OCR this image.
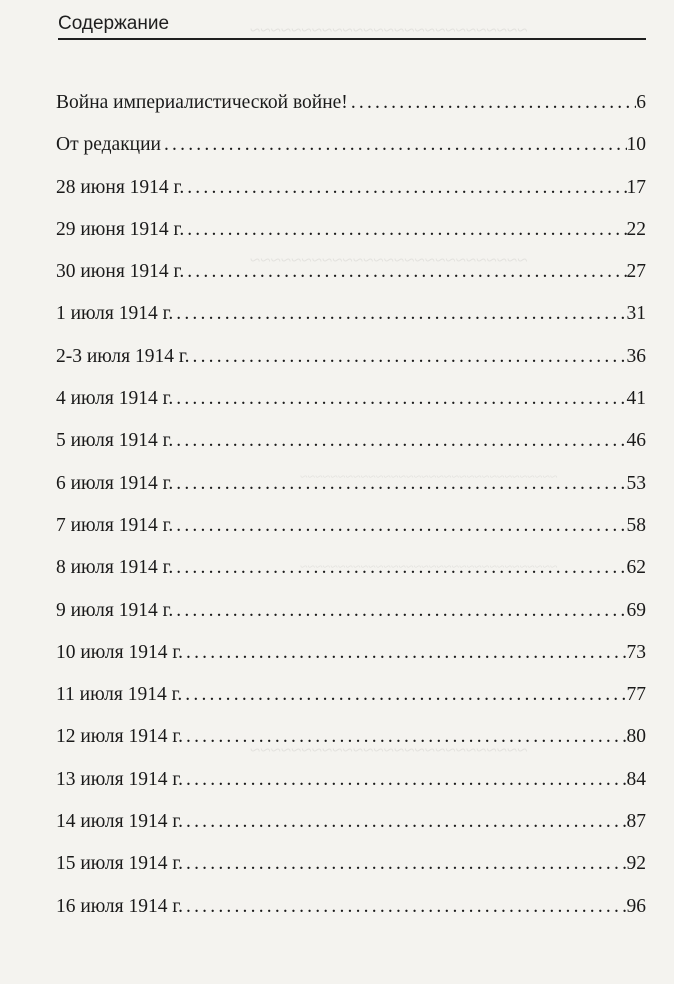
~~~~~~~~~~~~~~~~~~~~~~~~~~~
~~~~~~~~~~~~~~~~~~~~~~~~~~~
~~~~~~~~~~~~~~~~~~~~~~~~~~~~~~~~~~
~~~~~~~~~~~~~~~~~~~~~~~~~~~~~~~~~~
~~~~~~~~~~~~~~~~~~~~~~~~~~~
Содержание
Война империалистической войне! .....	6
От редакции .....	10
28 июня 1914 г. .....	17
29 июня 1914 г. .....	22
30 июня 1914 г. .....	27
1 июля 1914 г. .....	31
2-3 июля 1914 г. .....	36
4 июля 1914 г. .....	41
5 июля 1914 г. .....	46
6 июля 1914 г. .....	53
7 июля 1914 г. .....	58
8 июля 1914 г. .....	62
9 июля 1914 г. .....	69
10 июля 1914 г. .....	73
11 июля 1914 г. .....	77
12 июля 1914 г. .....	80
13 июля 1914 г. .....	84
14 июля 1914 г. .....	87
15 июля 1914 г. .....	92
16 июля 1914 г. .....	96
